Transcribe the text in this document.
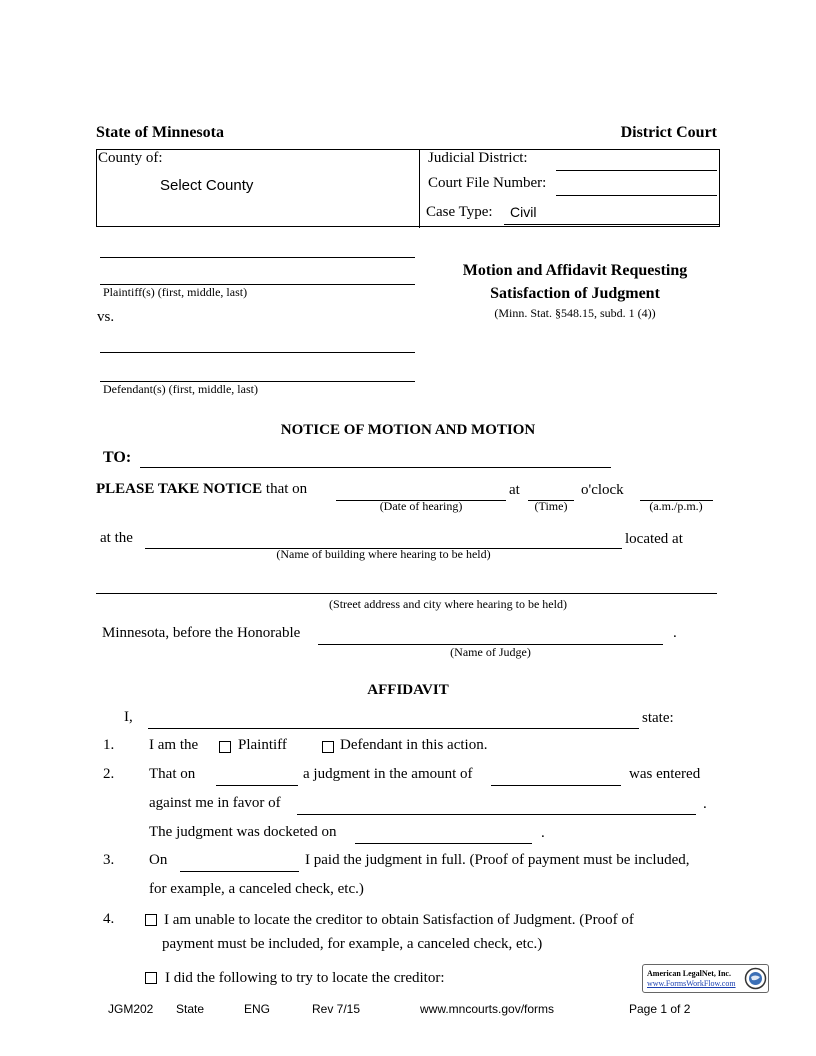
State of Minnesota	District Court
County of:
Select County
Judicial District:
Court File Number:
Case Type: Civil
Plaintiff(s) (first, middle, last)
vs.
Defendant(s) (first, middle, last)
Motion and Affidavit Requesting
Satisfaction of Judgment
(Minn. Stat. §548.15, subd. 1 (4))
NOTICE OF MOTION AND MOTION
TO:
PLEASE TAKE NOTICE that on
(Date of hearing)
at
(Time)
o'clock
(a.m./p.m.)
at the
(Name of building where hearing to be held)
located at
(Street address and city where hearing to be held)
Minnesota, before the Honorable	.
(Name of Judge)
AFFIDAVIT
I,	state:
1. I am the	Plaintiff	Defendant in this action.
2. That on	a judgment in the amount of	was entered
against me in favor of	.
The judgment was docketed on	.
3. On	I paid the judgment in full. (Proof of payment must be included,
for example, a canceled check, etc.)
4.	I am unable to locate the creditor to obtain Satisfaction of Judgment. (Proof of
payment must be included, for example, a canceled check, etc.)
I did the following to try to locate the creditor:	American LegalNet, Inc.
www.FormsWorkFlow.com
JGM202 State	ENG	Rev 7/15	www.mncourts.gov/forms	Page 1 of 2
